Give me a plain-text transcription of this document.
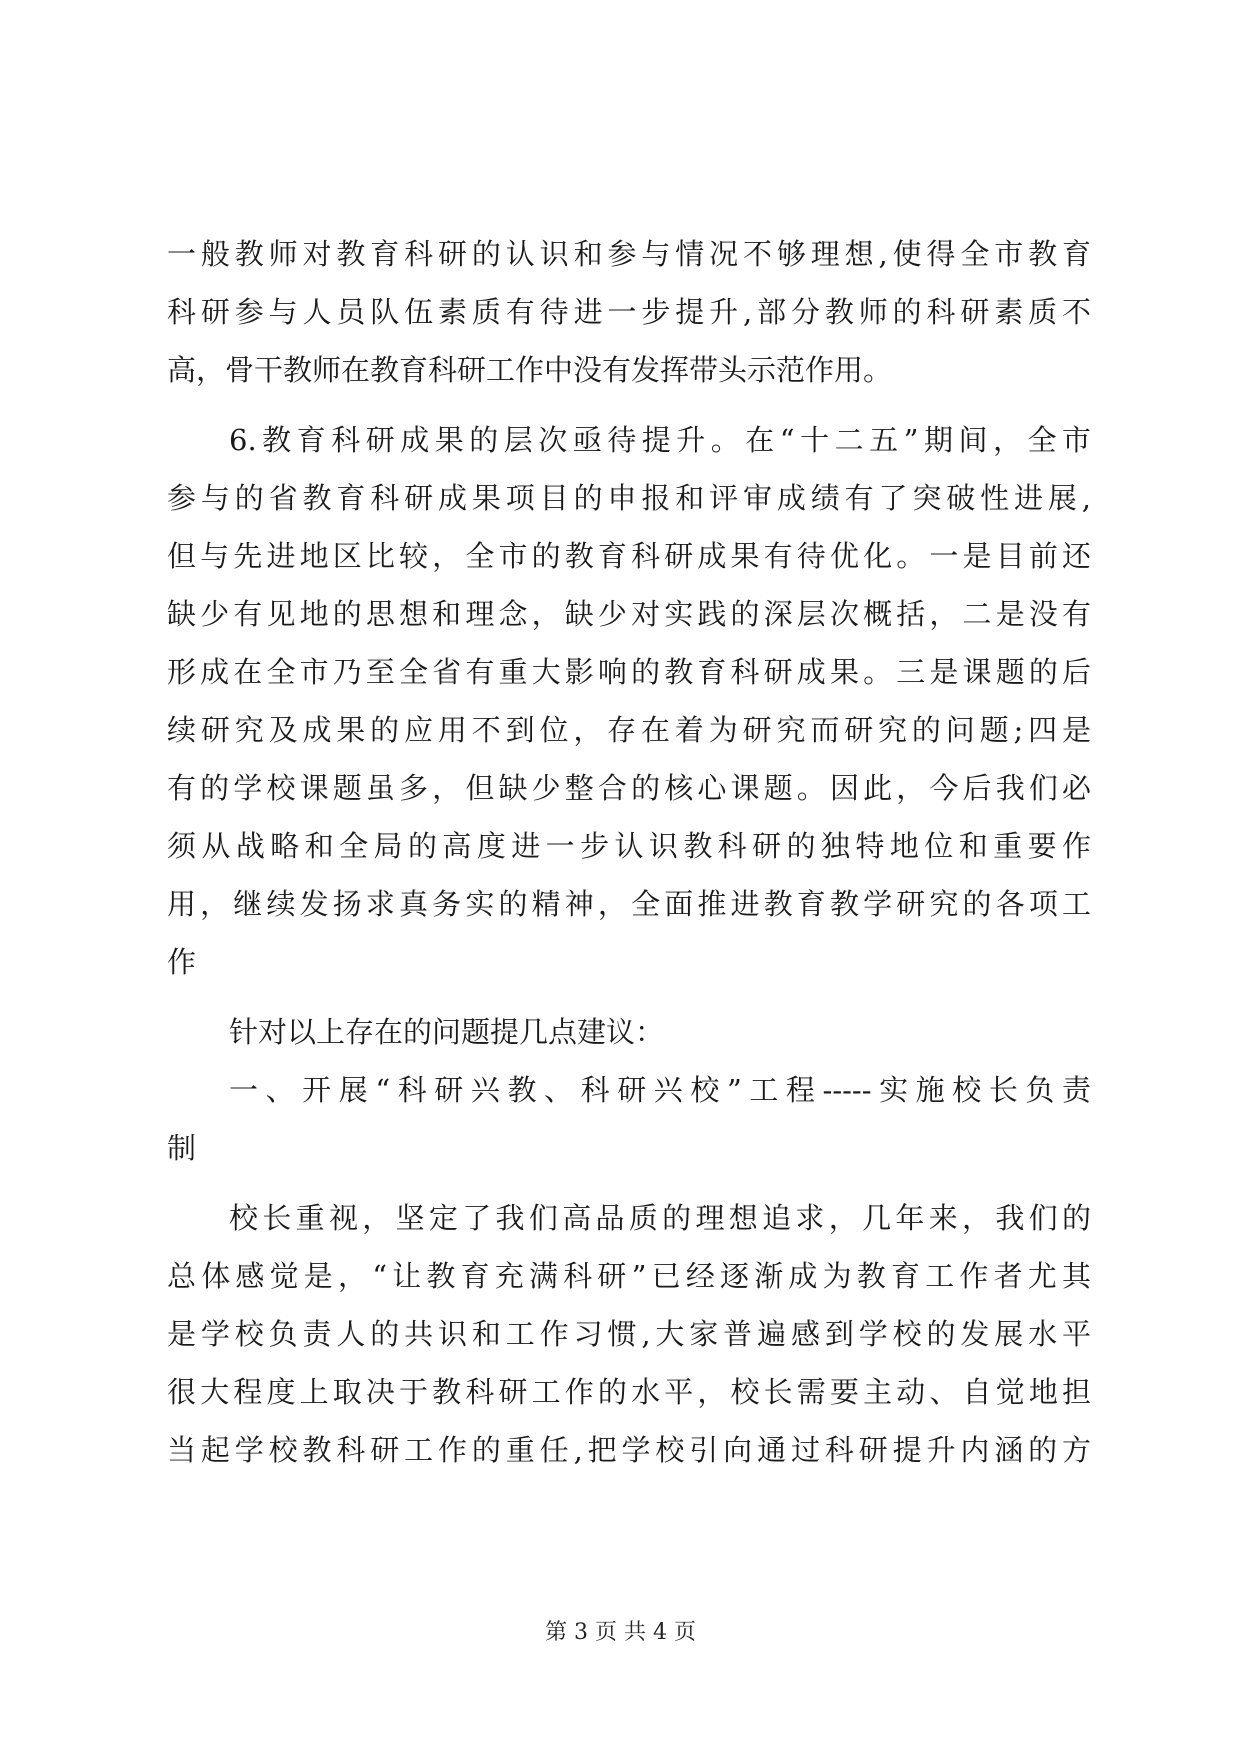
一般教师对教育科研的认识和参与情况不够理想,使得全市教育
科研参与人员队伍素质有待进一步提升,部分教师的科研素质不
高，骨干教师在教育科研工作中没有发挥带头示范作用。
6.教育科研成果的层次亟待提升。在“十二五”期间，全市
参与的省教育科研成果项目的申报和评审成绩有了突破性进展,
但与先进地区比较，全市的教育科研成果有待优化。一是目前还
缺少有见地的思想和理念，缺少对实践的深层次概括，二是没有
形成在全市乃至全省有重大影响的教育科研成果。三是课题的后
续研究及成果的应用不到位，存在着为研究而研究的问题;四是
有的学校课题虽多，但缺少整合的核心课题。因此，今后我们必
须从战略和全局的高度进一步认识教科研的独特地位和重要作
用，继续发扬求真务实的精神，全面推进教育教学研究的各项工
作
针对以上存在的问题提几点建议：
一、开展“科研兴教、科研兴校”工程-----实施校长负责
制
校长重视，坚定了我们高品质的理想追求，几年来，我们的
总体感觉是，“让教育充满科研”已经逐渐成为教育工作者尤其
是学校负责人的共识和工作习惯,大家普遍感到学校的发展水平
很大程度上取决于教科研工作的水平，校长需要主动、自觉地担
当起学校教科研工作的重任,把学校引向通过科研提升内涵的方
第 3 页 共 4 页
